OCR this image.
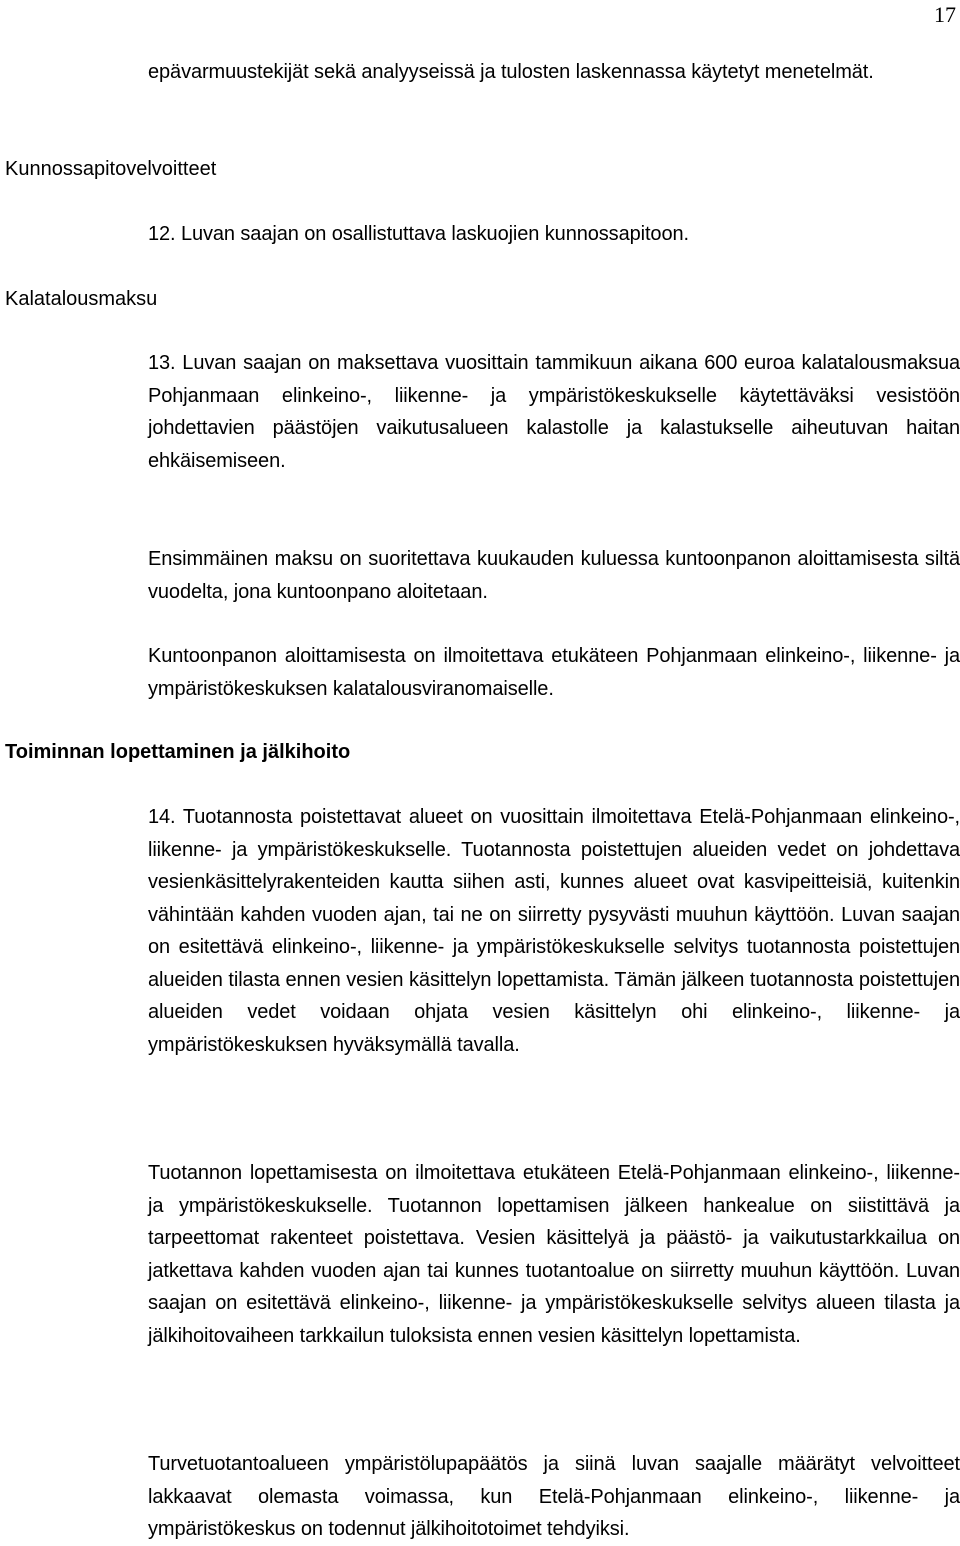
17

epävarmuustekijät sekä analyyseissä ja tulosten laskennassa käytetyt menetelmät.

Kunnossapitovelvoitteet

12. Luvan saajan on osallistuttava laskuojien kunnossapitoon.

Kalatalousmaksu

13. Luvan saajan on maksettava vuosittain tammikuun aikana 600 euroa kalatalousmaksua Pohjanmaan elinkeino-, liikenne- ja ympäristökeskukselle käytettäväksi vesistöön johdettavien päästöjen vaikutusalueen kalastolle ja kalastukselle aiheutuvan haitan ehkäisemiseen.

Ensimmäinen maksu on suoritettava kuukauden kuluessa kuntoonpanon aloittamisesta siltä vuodelta, jona kuntoonpano aloitetaan.

Kuntoonpanon aloittamisesta on ilmoitettava etukäteen Pohjanmaan elinkeino-, liikenne- ja ympäristökeskuksen kalatalousviranomaiselle.

Toiminnan lopettaminen ja jälkihoito

14. Tuotannosta poistettavat alueet on vuosittain ilmoitettava Etelä-Pohjanmaan elinkeino-, liikenne- ja ympäristökeskukselle. Tuotannosta poistettujen alueiden vedet on johdettava vesienkäsittelyrakenteiden kautta siihen asti, kunnes alueet ovat kasvipeitteisiä, kuitenkin vähintään kahden vuoden ajan, tai ne on siirretty pysyvästi muuhun käyttöön. Luvan saajan on esitettävä elinkeino-, liikenne- ja ympäristökeskukselle selvitys tuotannosta poistettujen alueiden tilasta ennen vesien käsittelyn lopettamista. Tämän jälkeen tuotannosta poistettujen alueiden vedet voidaan ohjata vesien käsittelyn ohi elinkeino-, liikenne- ja ympäristökeskuksen hyväksymällä tavalla.

Tuotannon lopettamisesta on ilmoitettava etukäteen Etelä-Pohjanmaan elinkeino-, liikenne- ja ympäristökeskukselle. Tuotannon lopettamisen jälkeen hankealue on siistittävä ja tarpeettomat rakenteet poistettava. Vesien käsittelyä ja päästö- ja vaikutustarkkailua on jatkettava kahden vuoden ajan tai kunnes tuotantoalue on siirretty muuhun käyttöön. Luvan saajan on esitettävä elinkeino-, liikenne- ja ympäristökeskukselle selvitys alueen tilasta ja jälkihoitovaiheen tarkkailun tuloksista ennen vesien käsittelyn lopettamista.

Turvetuotantoalueen ympäristölupapäätös ja siinä luvan saajalle määrätyt velvoitteet lakkaavat olemasta voimassa, kun Etelä-Pohjanmaan elinkeino-, liikenne- ja ympäristökeskus on todennut jälkihoitotoimet tehdyiksi.
